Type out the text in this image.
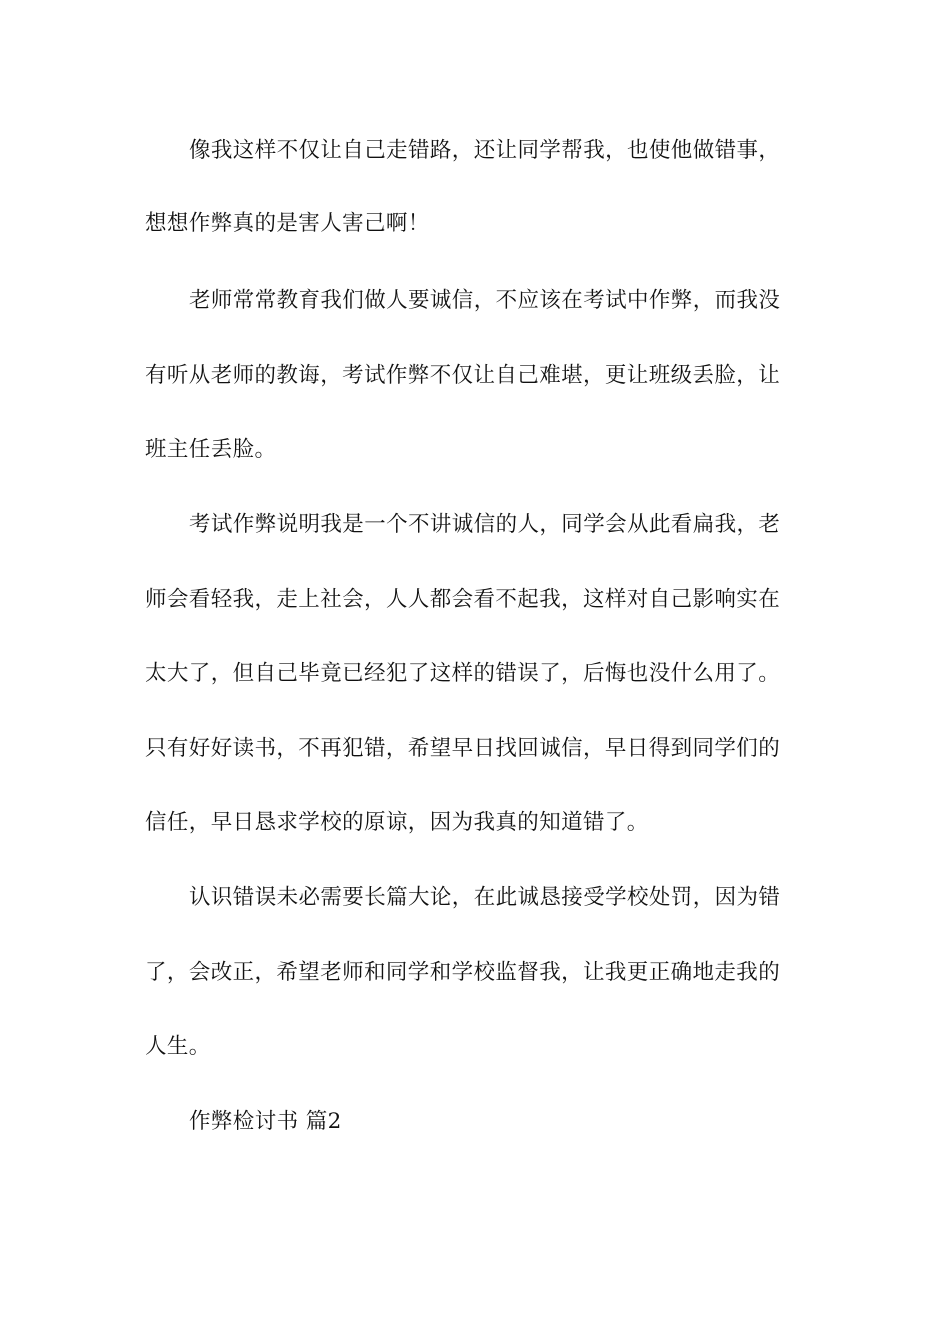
像我这样不仅让自己走错路，还让同学帮我，也使他做错事，
想想作弊真的是害人害己啊！
老师常常教育我们做人要诚信，不应该在考试中作弊，而我没
有听从老师的教诲，考试作弊不仅让自己难堪，更让班级丢脸，让
班主任丢脸。
考试作弊说明我是一个不讲诚信的人，同学会从此看扁我，老
师会看轻我，走上社会，人人都会看不起我，这样对自己影响实在
太大了，但自己毕竟已经犯了这样的错误了，后悔也没什么用了。
只有好好读书，不再犯错，希望早日找回诚信，早日得到同学们的
信任，早日恳求学校的原谅，因为我真的知道错了。
认识错误未必需要长篇大论，在此诚恳接受学校处罚，因为错
了，会改正，希望老师和同学和学校监督我，让我更正确地走我的
人生。
作弊检讨书 篇2
